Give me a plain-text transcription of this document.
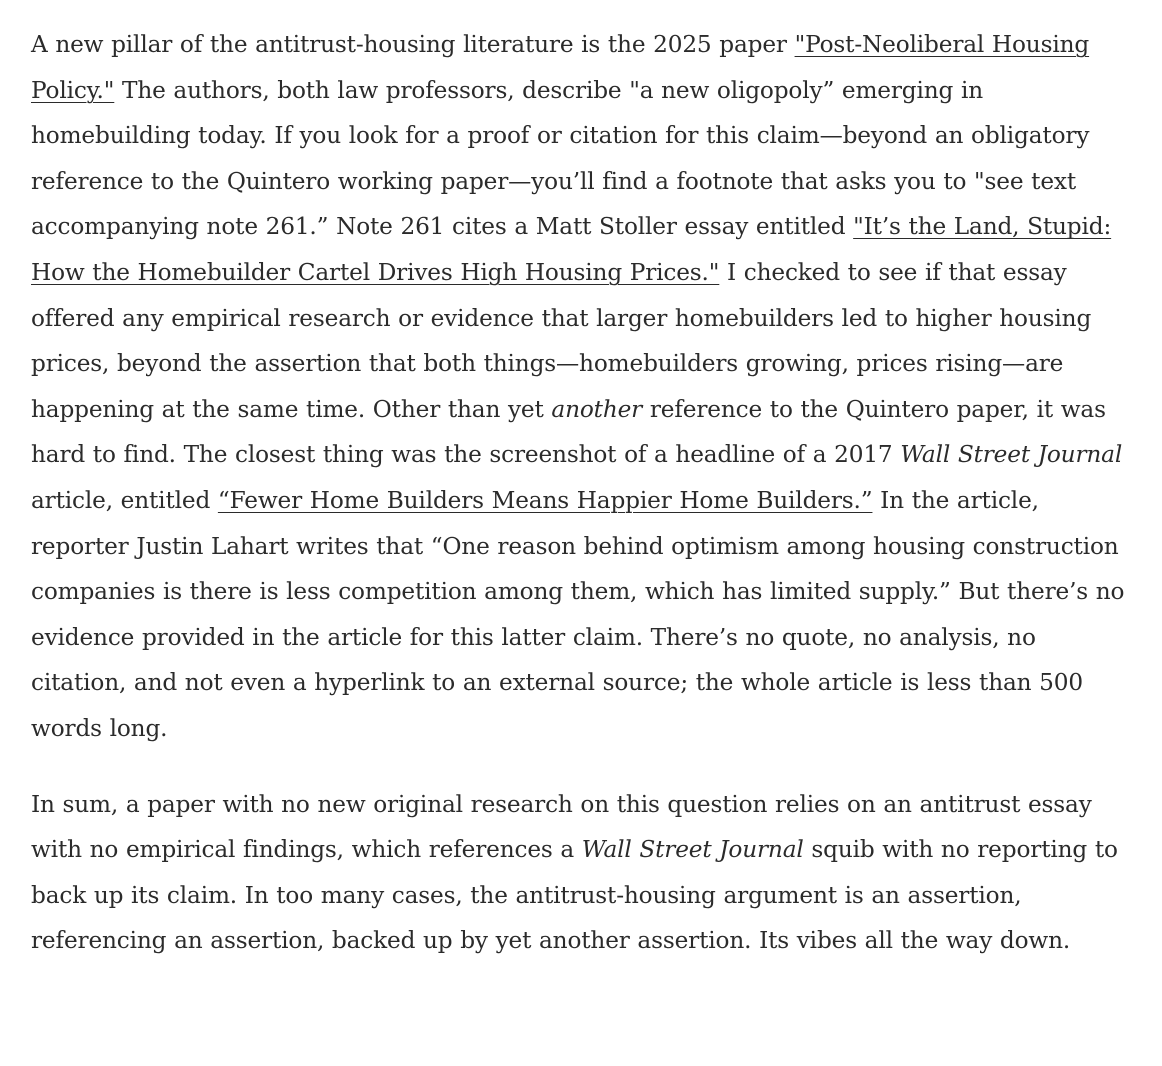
A new pillar of the antitrust-housing literature is the 2025 paper "Post-Neoliberal Housing Policy." The authors, both law professors, describe "a new oligopoly” emerging in homebuilding today. If you look for a proof or citation for this claim—beyond an obligatory reference to the Quintero working paper—you’ll find a footnote that asks you to "see text accompanying note 261.” Note 261 cites a Matt Stoller essay entitled "It’s the Land, Stupid: How the Homebuilder Cartel Drives High Housing Prices." I checked to see if that essay offered any empirical research or evidence that larger homebuilders led to higher housing prices, beyond the assertion that both things—homebuilders growing, prices rising—are happening at the same time. Other than yet another reference to the Quintero paper, it was hard to find. The closest thing was the screenshot of a headline of a 2017 Wall Street Journal article, entitled “Fewer Home Builders Means Happier Home Builders.” In the article, reporter Justin Lahart writes that “One reason behind optimism among housing construction companies is there is less competition among them, which has limited supply.” But there’s no evidence provided in the article for this latter claim. There’s no quote, no analysis, no citation, and not even a hyperlink to an external source; the whole article is less than 500 words long.

In sum, a paper with no new original research on this question relies on an antitrust essay with no empirical findings, which references a Wall Street Journal squib with no reporting to back up its claim. In too many cases, the antitrust-housing argument is an assertion, referencing an assertion, backed up by yet another assertion. Its vibes all the way down.
